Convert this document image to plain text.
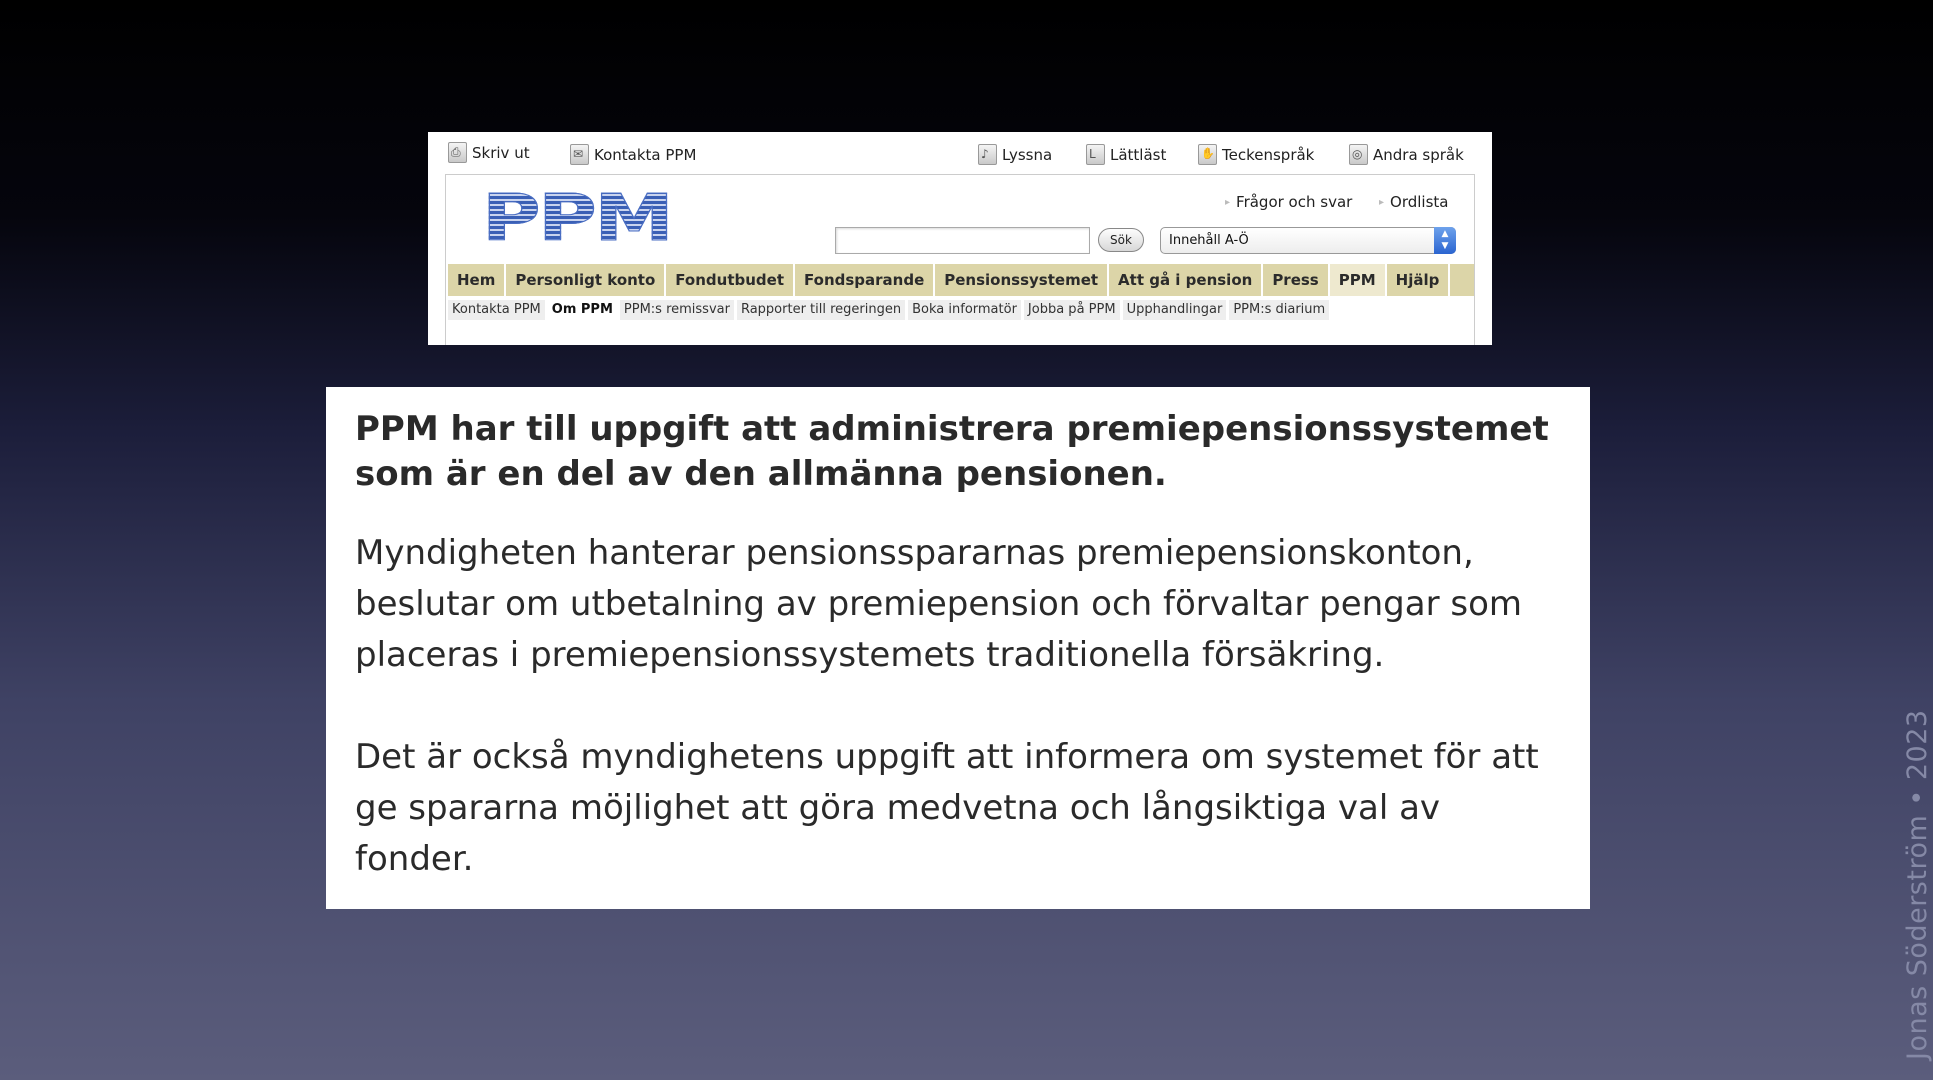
⎙
Skriv ut ✉	Kontakta PPM ♪	Lyssna L	Lättläst ✋	Teckenspråk ◎	Andra språk
PPM	▸ Frågor och svar	▸ Ordlista
Sök	Innehåll A-Ö	▲
▼
Hem	Personligt konto	Fondutbudet	Fondsparande	Pensionssystemet	Att gå i pension	Press	PPM	Hjälp
Kontakta PPM Om PPM PPM:s remissvar Rapporter till regeringen Boka informatör Jobba på PPM Upphandlingar PPM:s diarium

PPM har till uppgift att administrera premiepensionssystemet som är en del av den allmänna pensionen.

Myndigheten hanterar pensionsspararnas premiepensionskonton, beslutar om utbetalning av premiepension och förvaltar pengar som placeras i premiepensionssystemets traditionella försäkring.

Det är också myndighetens uppgift att informera om systemet för att ge spararna möjlighet att göra medvetna och långsiktiga val av fonder.	Jonas Söderström • 2023
